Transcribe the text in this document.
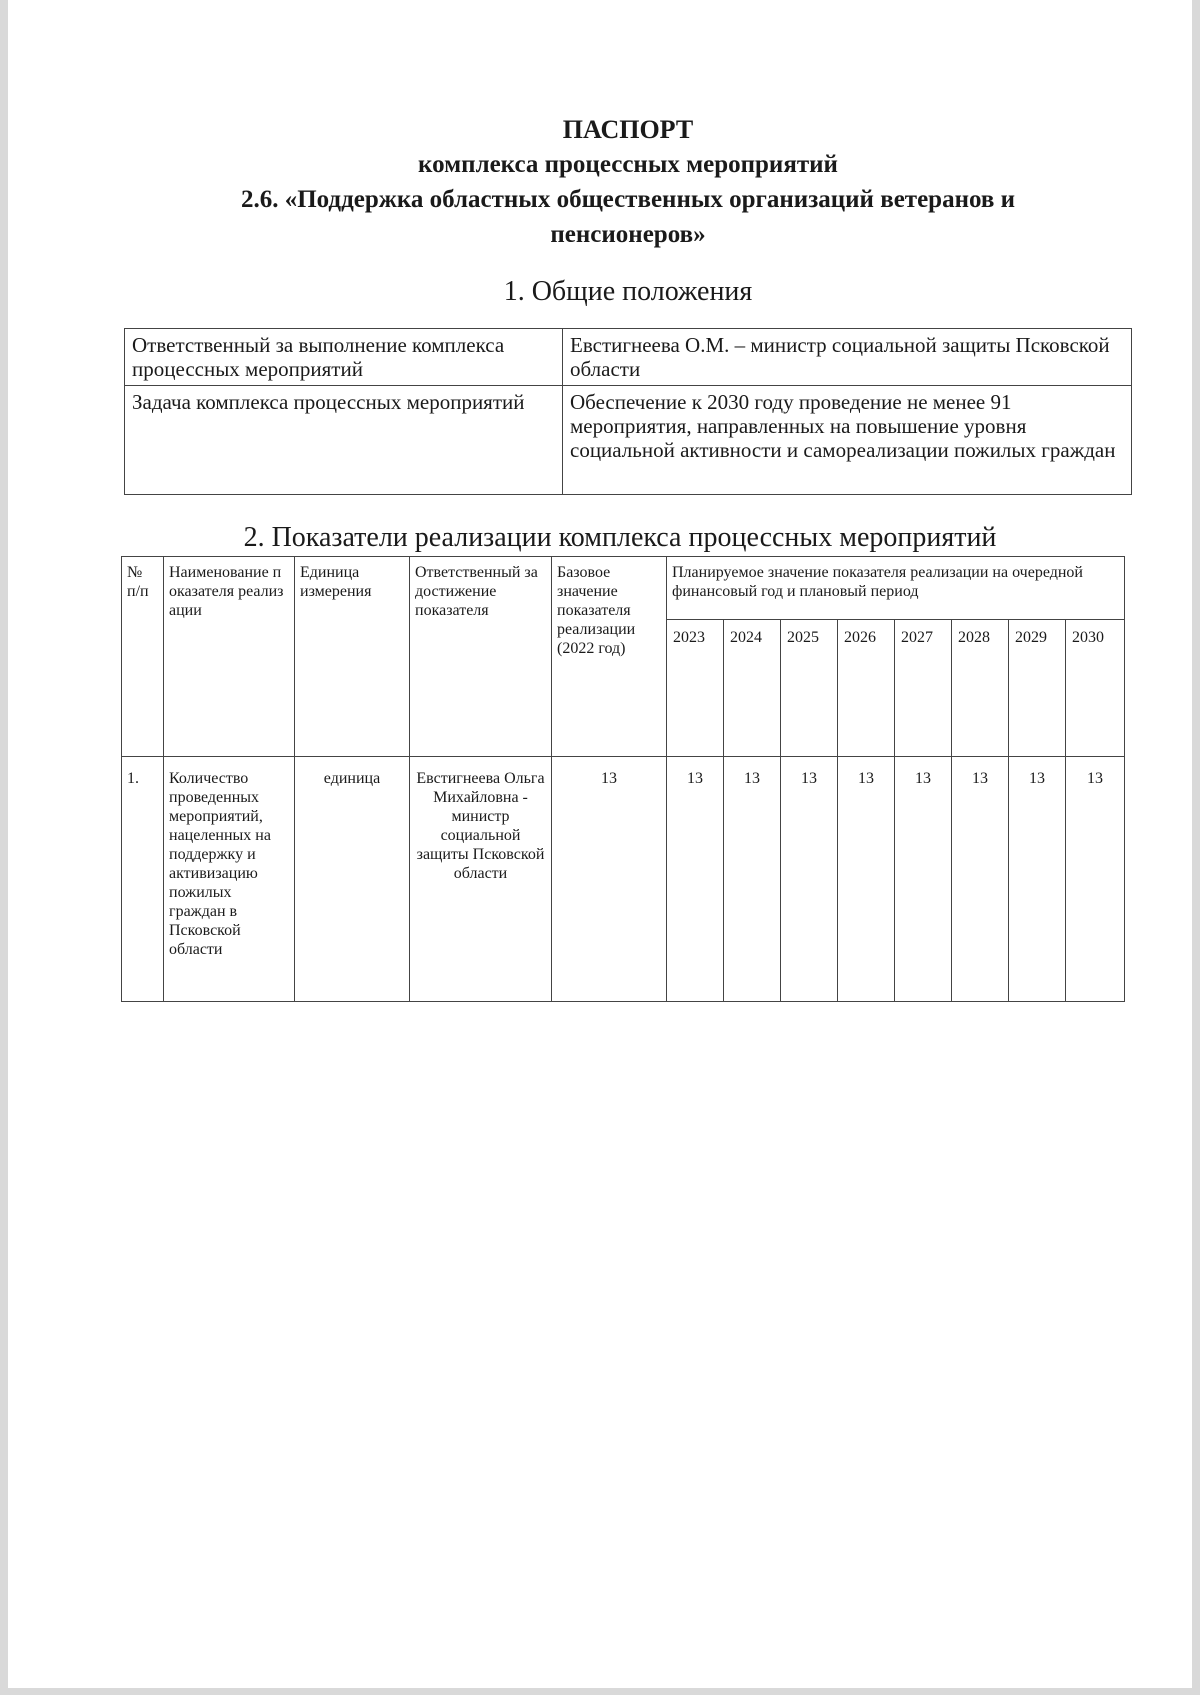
ПАСПОРТ
комплекса процессных мероприятий
2.6. «Поддержка областных общественных организаций ветеранов и
пенсионеров»
1. Общие положения
Ответственный за выполнение комплекса процессных мероприятий	Евстигнеева О.М. – министр социальной защиты Псковской области
Задача комплекса процессных мероприятий	Обеспечение к 2030 году проведение не менее 91 мероприятия, направленных на повышение уровня социальной активности и самореализации пожилых граждан
2. Показатели реализации комплекса процессных мероприятий
№ п/п	Наименование показателя реализации	Единица измерения	Ответственный за достижение показателя	Базовое значение показателя реализации (2022 год)	Планируемое значение показателя реализации на очередной финансовый год и плановый период							
					2023	2024	2025	2026	2027	2028	2029	2030
1.	Количество проведенных мероприятий, нацеленных на поддержку и активизацию пожилых граждан в Псковской области	единица	Евстигнеева Ольга Михайловна - министр социальной защиты Псковской области	13	13	13	13	13	13	13	13	13
